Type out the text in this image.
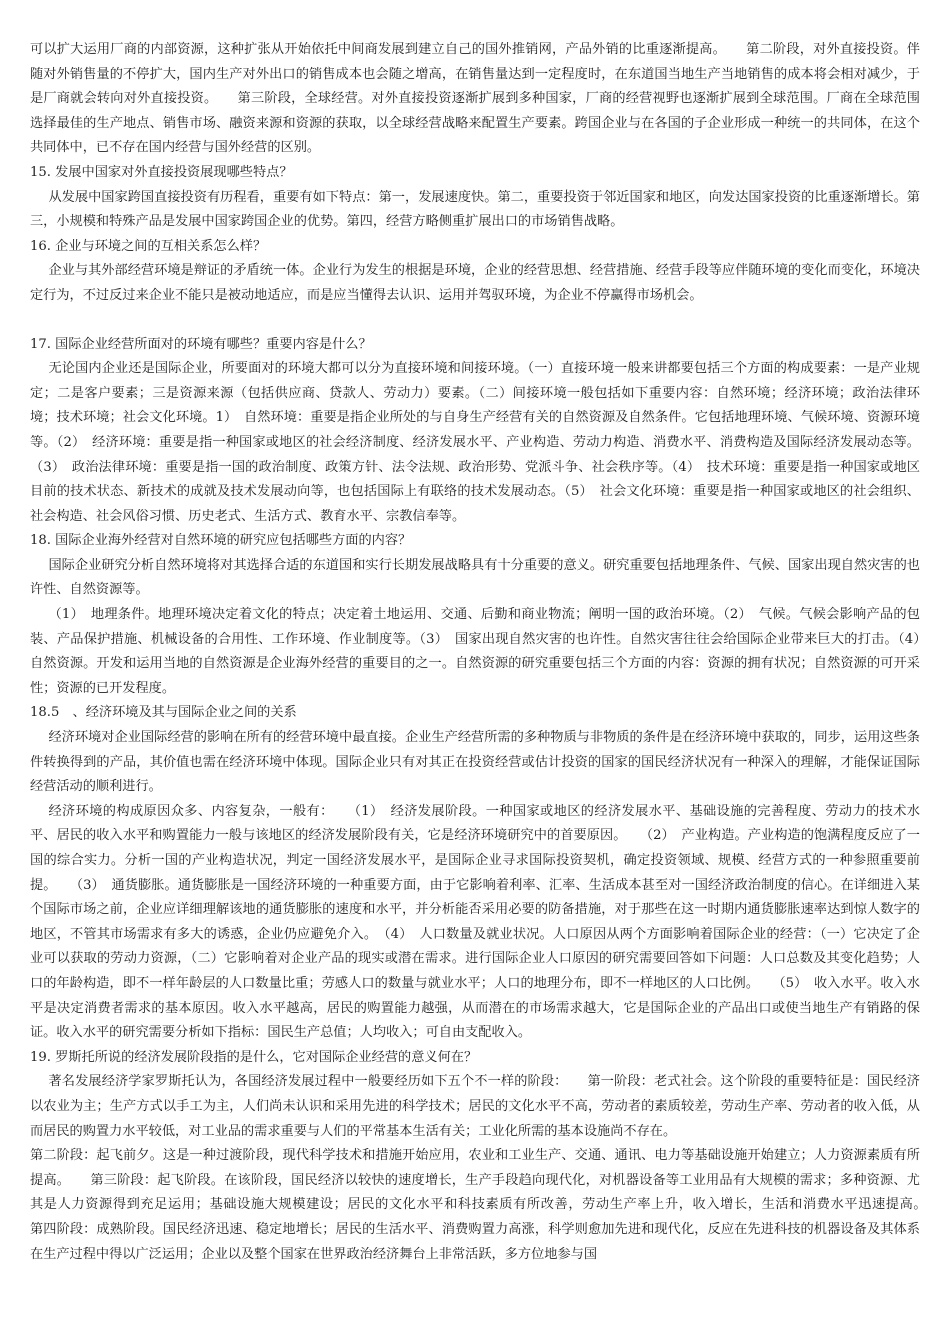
可以扩大运用厂商的内部资源，这种扩张从开始依托中间商发展到建立自己的国外推销网，产品外销的比重逐渐提高。　　第二阶段，对外直接投资。伴随对外销售量的不停扩大，国内生产对外出口的销售成本也会随之增高，在销售量达到一定程度时，在东道国当地生产当地销售的成本将会相对减少，于是厂商就会转向对外直接投资。　　第三阶段，全球经营。对外直接投资逐渐扩展到多种国家，厂商的经营视野也逐渐扩展到全球范围。厂商在全球范围选择最佳的生产地点、销售市场、融资来源和资源的获取，以全球经营战略来配置生产要素。跨国企业与在各国的子企业形成一种统一的共同体，在这个共同体中，已不存在国内经营与国外经营的区别。

15. 发展中国家对外直接投资展现哪些特点？

从发展中国家跨国直接投资有历程看，重要有如下特点：第一，发展速度快。第二，重要投资于邻近国家和地区，向发达国家投资的比重逐渐增长。第三，小规模和特殊产品是发展中国家跨国企业的优势。第四，经营方略侧重扩展出口的市场销售战略。

16. 企业与环境之间的互相关系怎么样？

企业与其外部经营环境是辩证的矛盾统一体。企业行为发生的根据是环境，企业的经营思想、经营措施、经营手段等应伴随环境的变化而变化，环境决定行为，不过反过来企业不能只是被动地适应，而是应当懂得去认识、运用并驾驭环境，为企业不停赢得市场机会。

17. 国际企业经营所面对的环境有哪些？重要内容是什么？

无论国内企业还是国际企业，所要面对的环境大都可以分为直接环境和间接环境。（一）直接环境一般来讲都要包括三个方面的构成要素：一是产业规定；二是客户要素；三是资源来源（包括供应商、贷款人、劳动力）要素。（二）间接环境一般包括如下重要内容：自然环境；经济环境；政治法律环境；技术环境；社会文化环境。1）　自然环境：重要是指企业所处的与自身生产经营有关的自然资源及自然条件。它包括地理环境、气候环境、资源环境等。（2）　经济环境：重要是指一种国家或地区的社会经济制度、经济发展水平、产业构造、劳动力构造、消费水平、消费构造及国际经济发展动态等。（3）　政治法律环境：重要是指一国的政治制度、政策方针、法令法规、政治形势、党派斗争、社会秩序等。（4）　技术环境：重要是指一种国家或地区目前的技术状态、新技术的成就及技术发展动向等，也包括国际上有联络的技术发展动态。（5）　社会文化环境：重要是指一种国家或地区的社会组织、社会构造、社会风俗习惯、历史老式、生活方式、教育水平、宗教信奉等。

18. 国际企业海外经营对自然环境的研究应包括哪些方面的内容？

国际企业研究分析自然环境将对其选择合适的东道国和实行长期发展战略具有十分重要的意义。研究重要包括地理条件、气候、国家出现自然灾害的也许性、自然资源等。

（1）　地理条件。地理环境决定着文化的特点；决定着土地运用、交通、后勤和商业物流；阐明一国的政治环境。（2）　气候。气候会影响产品的包装、产品保护措施、机械设备的合用性、工作环境、作业制度等。（3）　国家出现自然灾害的也许性。自然灾害往往会给国际企业带来巨大的打击。（4）　自然资源。开发和运用当地的自然资源是企业海外经营的重要目的之一。自然资源的研究重要包括三个方面的内容：资源的拥有状况；自然资源的可开采性；资源的已开发程度。

18.5　、经济环境及其与国际企业之间的关系

经济环境对企业国际经营的影响在所有的经营环境中最直接。企业生产经营所需的多种物质与非物质的条件是在经济环境中获取的，同步，运用这些条件转换得到的产品，其价值也需在经济环境中体现。国际企业只有对其正在投资经营或估计投资的国家的国民经济状况有一种深入的理解，才能保证国际经营活动的顺利进行。

经济环境的构成原因众多、内容复杂，一般有：　　（1）　经济发展阶段。一种国家或地区的经济发展水平、基础设施的完善程度、劳动力的技术水平、居民的收入水平和购置能力一般与该地区的经济发展阶段有关，它是经济环境研究中的首要原因。　　（2）　产业构造。产业构造的饱满程度反应了一国的综合实力。分析一国的产业构造状况，判定一国经济发展水平，是国际企业寻求国际投资契机，确定投资领域、规模、经营方式的一种参照重要前提。　　（3）　通货膨胀。通货膨胀是一国经济环境的一种重要方面，由于它影响着利率、汇率、生活成本甚至对一国经济政治制度的信心。在详细进入某个国际市场之前，企业应详细理解该地的通货膨胀的速度和水平，并分析能否采用必要的防备措施，对于那些在这一时期内通货膨胀速率达到惊人数字的地区，不管其市场需求有多大的诱惑，企业仍应避免介入。　（4）　人口数量及就业状况。人口原因从两个方面影响着国际企业的经营：（一）它决定了企业可以获取的劳动力资源，（二）它影响着对企业产品的现实或潜在需求。进行国际企业人口原因的研究需要回答如下问题：人口总数及其变化趋势；人口的年龄构造，即不一样年龄层的人口数量比重；劳感人口的数量与就业水平；人口的地理分布，即不一样地区的人口比例。　　（5）　收入水平。收入水平是决定消费者需求的基本原因。收入水平越高，居民的购置能力越强，从而潜在的市场需求越大，它是国际企业的产品出口或使当地生产有销路的保证。收入水平的研究需要分析如下指标：国民生产总值；人均收入；可自由支配收入。

19. 罗斯托所说的经济发展阶段指的是什么，它对国际企业经营的意义何在？

著名发展经济学家罗斯托认为，各国经济发展过程中一般要经历如下五个不一样的阶段：　　第一阶段：老式社会。这个阶段的重要特征是：国民经济以农业为主；生产方式以手工为主，人们尚未认识和采用先进的科学技术；居民的文化水平不高，劳动者的素质较差，劳动生产率、劳动者的收入低，从而居民的购置力水平较低，对工业品的需求重要与人们的平常基本生活有关；工业化所需的基本设施尚不存在。

第二阶段：起飞前夕。这是一种过渡阶段，现代科学技术和措施开始应用，农业和工业生产、交通、通讯、电力等基础设施开始建立；人力资源素质有所提高。　　第三阶段：起飞阶段。在该阶段，国民经济以较快的速度增长，生产手段趋向现代化，对机器设备等工业用品有大规模的需求；多种资源、尤其是人力资源得到充足运用；基础设施大规模建设；居民的文化水平和科技素质有所改善，劳动生产率上升，收入增长，生活和消费水平迅速提高。　　第四阶段：成熟阶段。国民经济迅速、稳定地增长；居民的生活水平、消费购置力高涨，科学则愈加先进和现代化，反应在先进科技的机器设备及其体系在生产过程中得以广泛运用；企业以及整个国家在世界政治经济舞台上非常活跃，多方位地参与国
